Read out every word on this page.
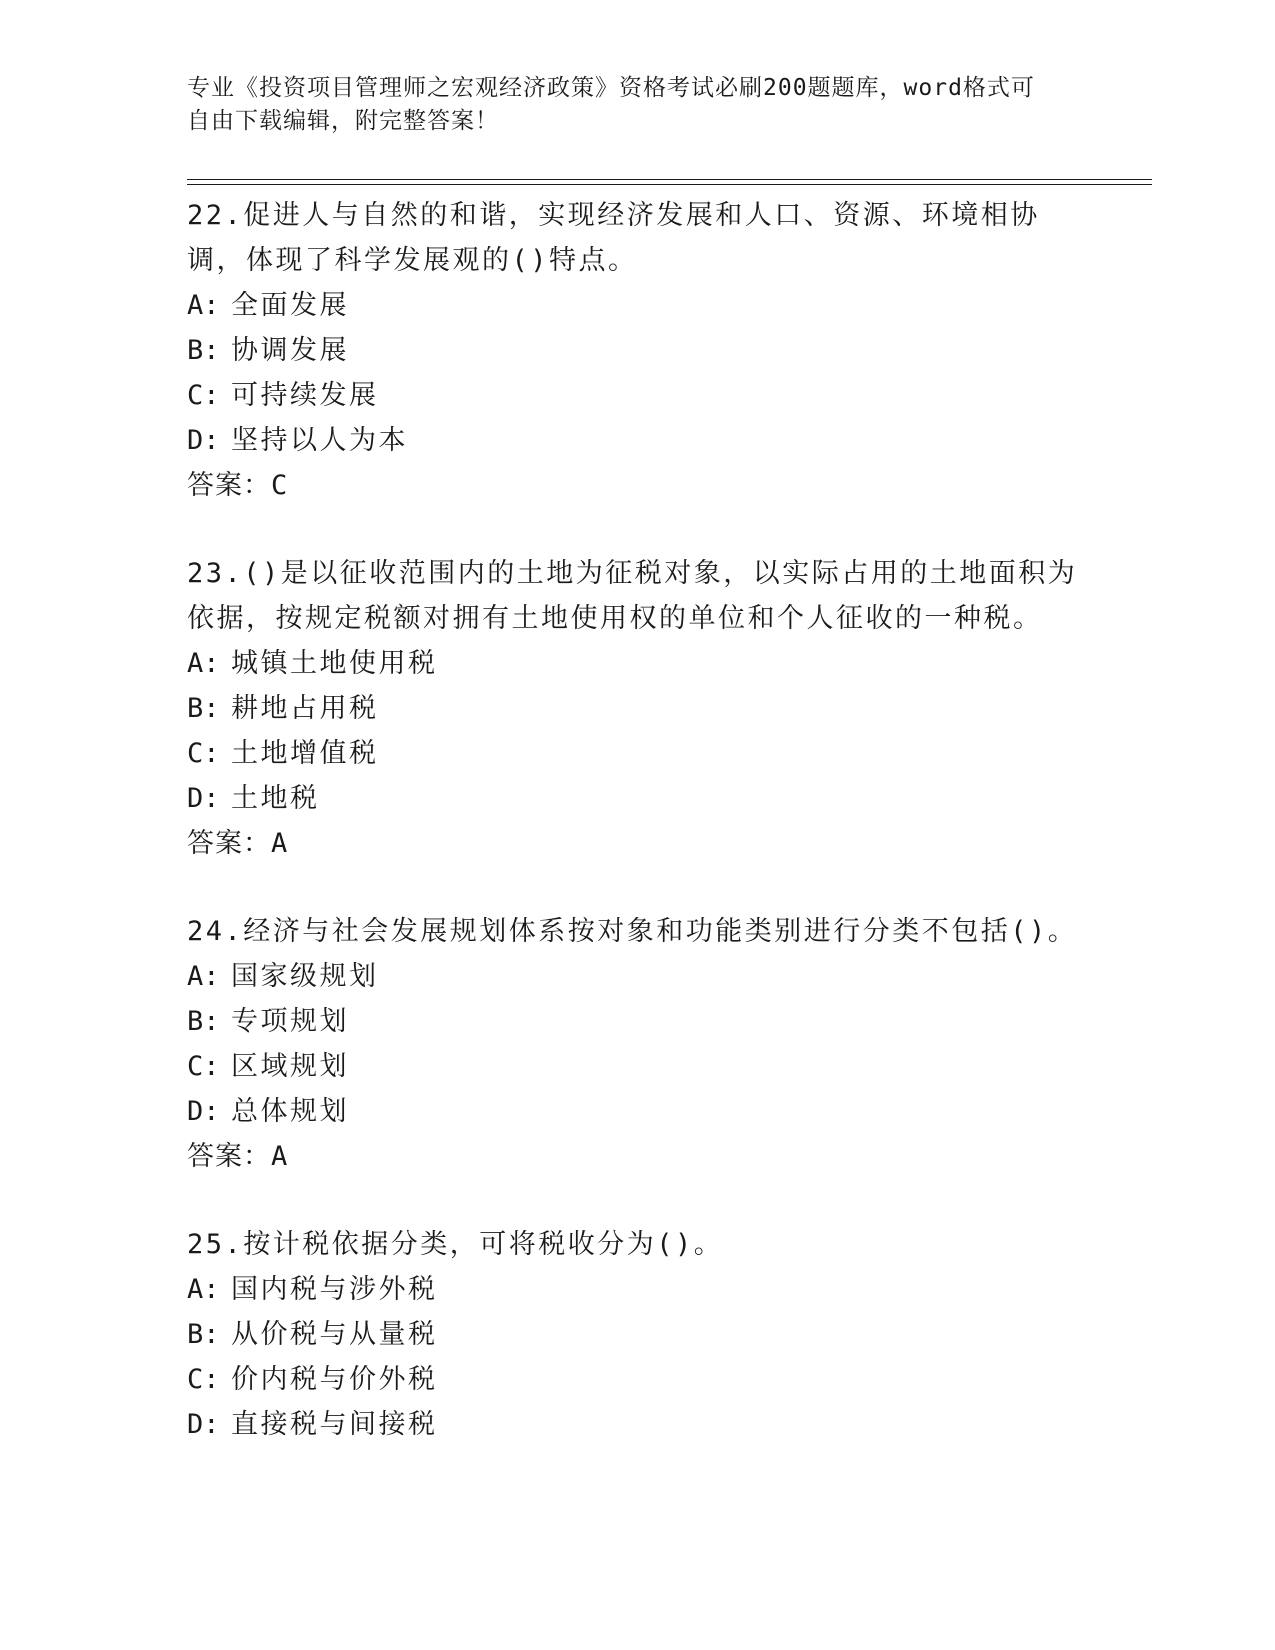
专业《投资项目管理师之宏观经济政策》资格考试必刷200题题库，word格式可
自由下载编辑，附完整答案！
22.促进人与自然的和谐，实现经济发展和人口、资源、环境相协调，体现了科学发展观的()特点。
A: 全面发展
B: 协调发展
C: 可持续发展
D: 坚持以人为本
答案：C
23.()是以征收范围内的土地为征税对象，以实际占用的土地面积为依据，按规定税额对拥有土地使用权的单位和个人征收的一种税。
A: 城镇土地使用税
B: 耕地占用税
C: 土地增值税
D: 土地税
答案：A
24.经济与社会发展规划体系按对象和功能类别进行分类不包括()。
A: 国家级规划
B: 专项规划
C: 区域规划
D: 总体规划
答案：A
25.按计税依据分类，可将税收分为()。
A: 国内税与涉外税
B: 从价税与从量税
C: 价内税与价外税
D: 直接税与间接税
